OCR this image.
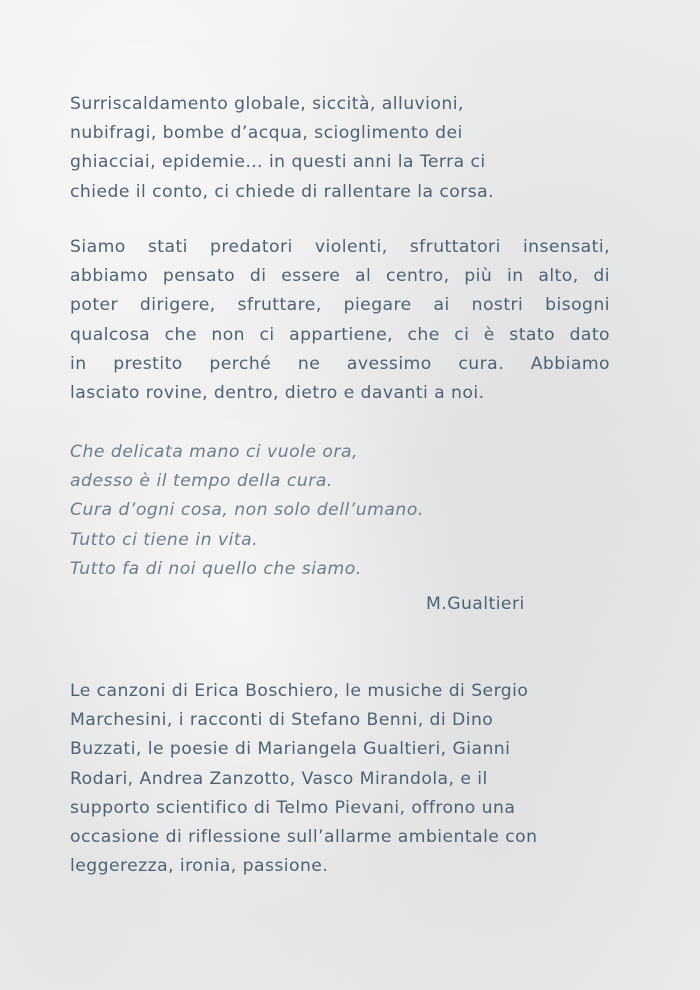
Surriscaldamento globale, siccità, alluvioni,
nubifragi, bombe d’acqua, scioglimento dei
ghiacciai, epidemie… in questi anni la Terra ci
chiede il conto, ci chiede di rallentare la corsa.

Siamo stati predatori violenti, sfruttatori insensati,
abbiamo pensato di essere al centro, più in alto, di
poter dirigere, sfruttare, piegare ai nostri bisogni
qualcosa che non ci appartiene, che ci è stato dato
in prestito perché ne avessimo cura. Abbiamo
lasciato rovine, dentro, dietro e davanti a noi.

Che delicata mano ci vuole ora,
adesso è il tempo della cura.
Cura d’ogni cosa, non solo dell’umano.
Tutto ci tiene in vita.
Tutto fa di noi quello che siamo.

M.Gualtieri

Le canzoni di Erica Boschiero, le musiche di Sergio
Marchesini, i racconti di Stefano Benni, di Dino
Buzzati, le poesie di Mariangela Gualtieri, Gianni
Rodari, Andrea Zanzotto, Vasco Mirandola, e il
supporto scientifico di Telmo Pievani, offrono una
occasione di riflessione sull’allarme ambientale con
leggerezza, ironia, passione.
